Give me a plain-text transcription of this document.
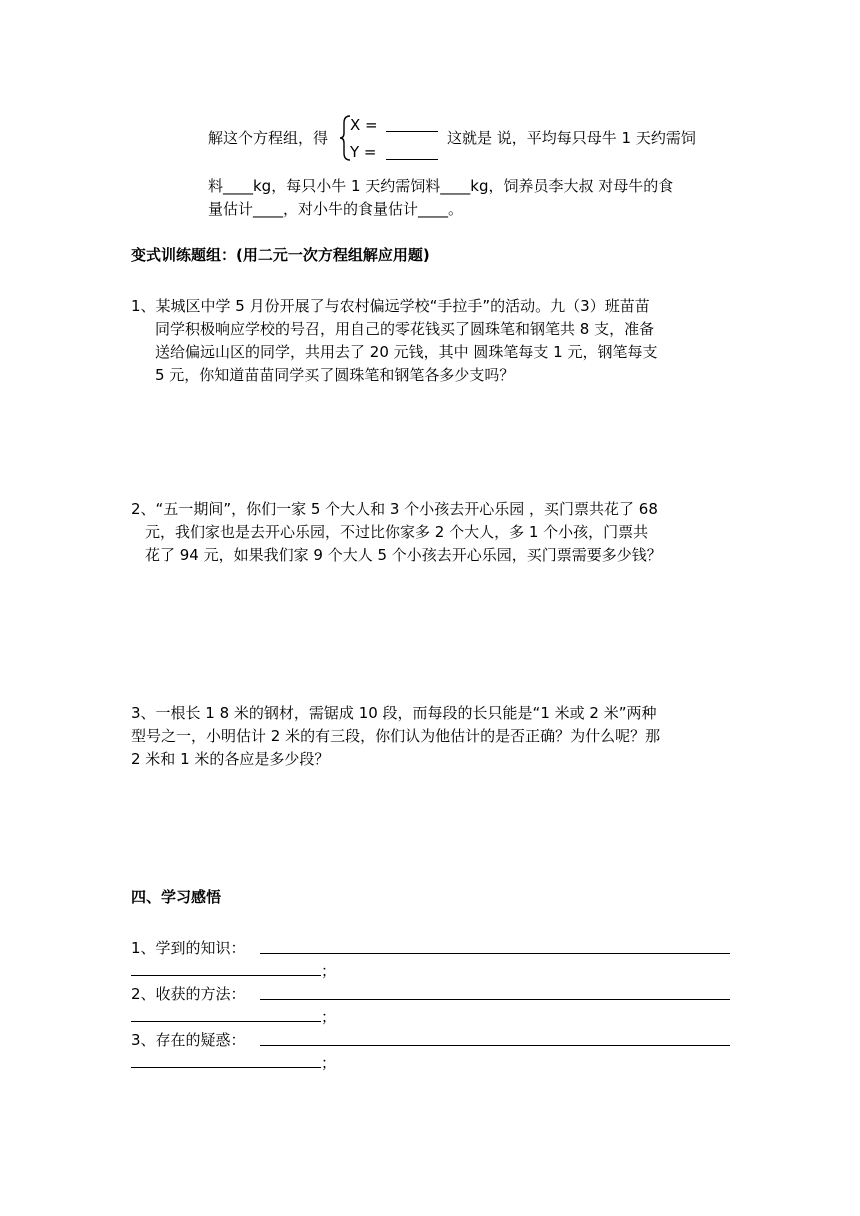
解这个方程组，得
X =
Y =
这就是 说，平均每只母牛 1 天约需饲
料____kg，每只小牛 1 天约需饲料____kg，饲养员李大叔 对母牛的食
量估计____，对小牛的食量估计____。
变式训练题组：(用二元一次方程组解应用题)
1、某城区中学 5 月份开展了与农村偏远学校“手拉手”的活动。九（3）班苗苗
同学积极响应学校的号召，用自己的零花钱买了圆珠笔和钢笔共 8 支，准备
送给偏远山区的同学，共用去了 20 元钱，其中 圆珠笔每支 1 元，钢笔每支
5 元，你知道苗苗同学买了圆珠笔和钢笔各多少支吗？
2、“五一期间”，你们一家 5 个大人和 3 个小孩去开心乐园 ，买门票共花了 68
元，我们家也是去开心乐园，不过比你家多 2 个大人，多 1 个小孩，门票共
花了 94 元，如果我们家 9 个大人 5 个小孩去开心乐园，买门票需要多少钱？
3、一根长 1 8 米的钢材，需锯成 10 段，而每段的长只能是“1 米或 2 米”两种
型号之一，小明估计 2 米的有三段，你们认为他估计的是否正确？为什么呢？那
2 米和 1 米的各应是多少段？
四、学习感悟
1、学到的知识：
；
2、收获的方法：
；
3、存在的疑惑：
；
